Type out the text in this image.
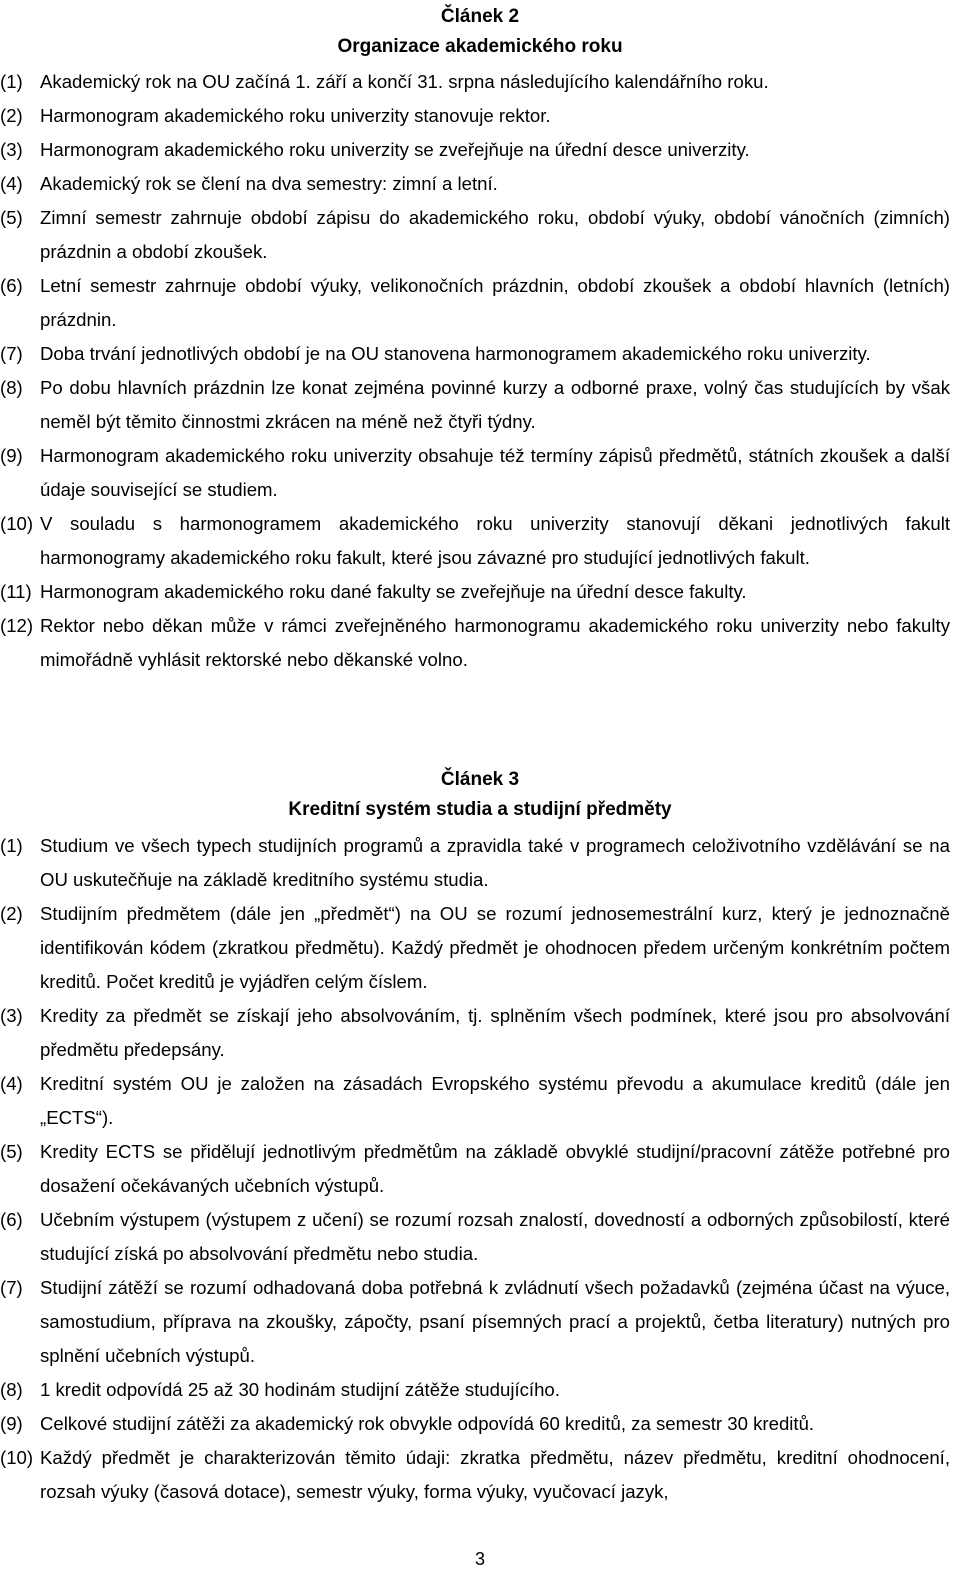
Článek 2
Organizace akademického roku
(1) Akademický rok na OU začíná 1. září a končí 31. srpna následujícího kalendářního roku.
(2) Harmonogram akademického roku univerzity stanovuje rektor.
(3) Harmonogram akademického roku univerzity se zveřejňuje na úřední desce univerzity.
(4) Akademický rok se člení na dva semestry: zimní a letní.
(5) Zimní semestr zahrnuje období zápisu do akademického roku, období výuky, období vánočních (zimních) prázdnin a období zkoušek.
(6) Letní semestr zahrnuje období výuky, velikonočních prázdnin, období zkoušek a období hlavních (letních) prázdnin.
(7) Doba trvání jednotlivých období je na OU stanovena harmonogramem akademického roku univerzity.
(8) Po dobu hlavních prázdnin lze konat zejména povinné kurzy a odborné praxe, volný čas studujících by však neměl být těmito činnostmi zkrácen na méně než čtyři týdny.
(9) Harmonogram akademického roku univerzity obsahuje též termíny zápisů předmětů, státních zkoušek a další údaje související se studiem.
(10) V souladu s harmonogramem akademického roku univerzity stanovují děkani jednotlivých fakult harmonogramy akademického roku fakult, které jsou závazné pro studující jednotlivých fakult.
(11) Harmonogram akademického roku dané fakulty se zveřejňuje na úřední desce fakulty.
(12) Rektor nebo děkan může v rámci zveřejněného harmonogramu akademického roku univerzity nebo fakulty mimořádně vyhlásit rektorské nebo děkanské volno.
Článek 3
Kreditní systém studia a studijní předměty
(1) Studium ve všech typech studijních programů a zpravidla také v programech celoživotního vzdělávání se na OU uskutečňuje na základě kreditního systému studia.
(2) Studijním předmětem (dále jen „předmět“) na OU se rozumí jednosemestrální kurz, který je jednoznačně identifikován kódem (zkratkou předmětu). Každý předmět je ohodnocen předem určeným konkrétním počtem kreditů. Počet kreditů je vyjádřen celým číslem.
(3) Kredity za předmět se získají jeho absolvováním, tj. splněním všech podmínek, které jsou pro absolvování předmětu předepsány.
(4) Kreditní systém OU je založen na zásadách Evropského systému převodu a akumulace kreditů (dále jen „ECTS“).
(5) Kredity ECTS se přidělují jednotlivým předmětům na základě obvyklé studijní/pracovní zátěže potřebné pro dosažení očekávaných učebních výstupů.
(6) Učebním výstupem (výstupem z učení) se rozumí rozsah znalostí, dovedností a odborných způsobilostí, které studující získá po absolvování předmětu nebo studia.
(7) Studijní zátěží se rozumí odhadovaná doba potřebná k zvládnutí všech požadavků (zejména účast na výuce, samostudium, příprava na zkoušky, zápočty, psaní písemných prací a projektů, četba literatury) nutných pro splnění učebních výstupů.
(8) 1 kredit odpovídá 25 až 30 hodinám studijní zátěže studujícího.
(9) Celkové studijní zátěži za akademický rok obvykle odpovídá 60 kreditů, za semestr 30 kreditů.
(10) Každý předmět je charakterizován těmito údaji: zkratka předmětu, název předmětu, kreditní ohodnocení, rozsah výuky (časová dotace), semestr výuky, forma výuky, vyučovací jazyk,
3
